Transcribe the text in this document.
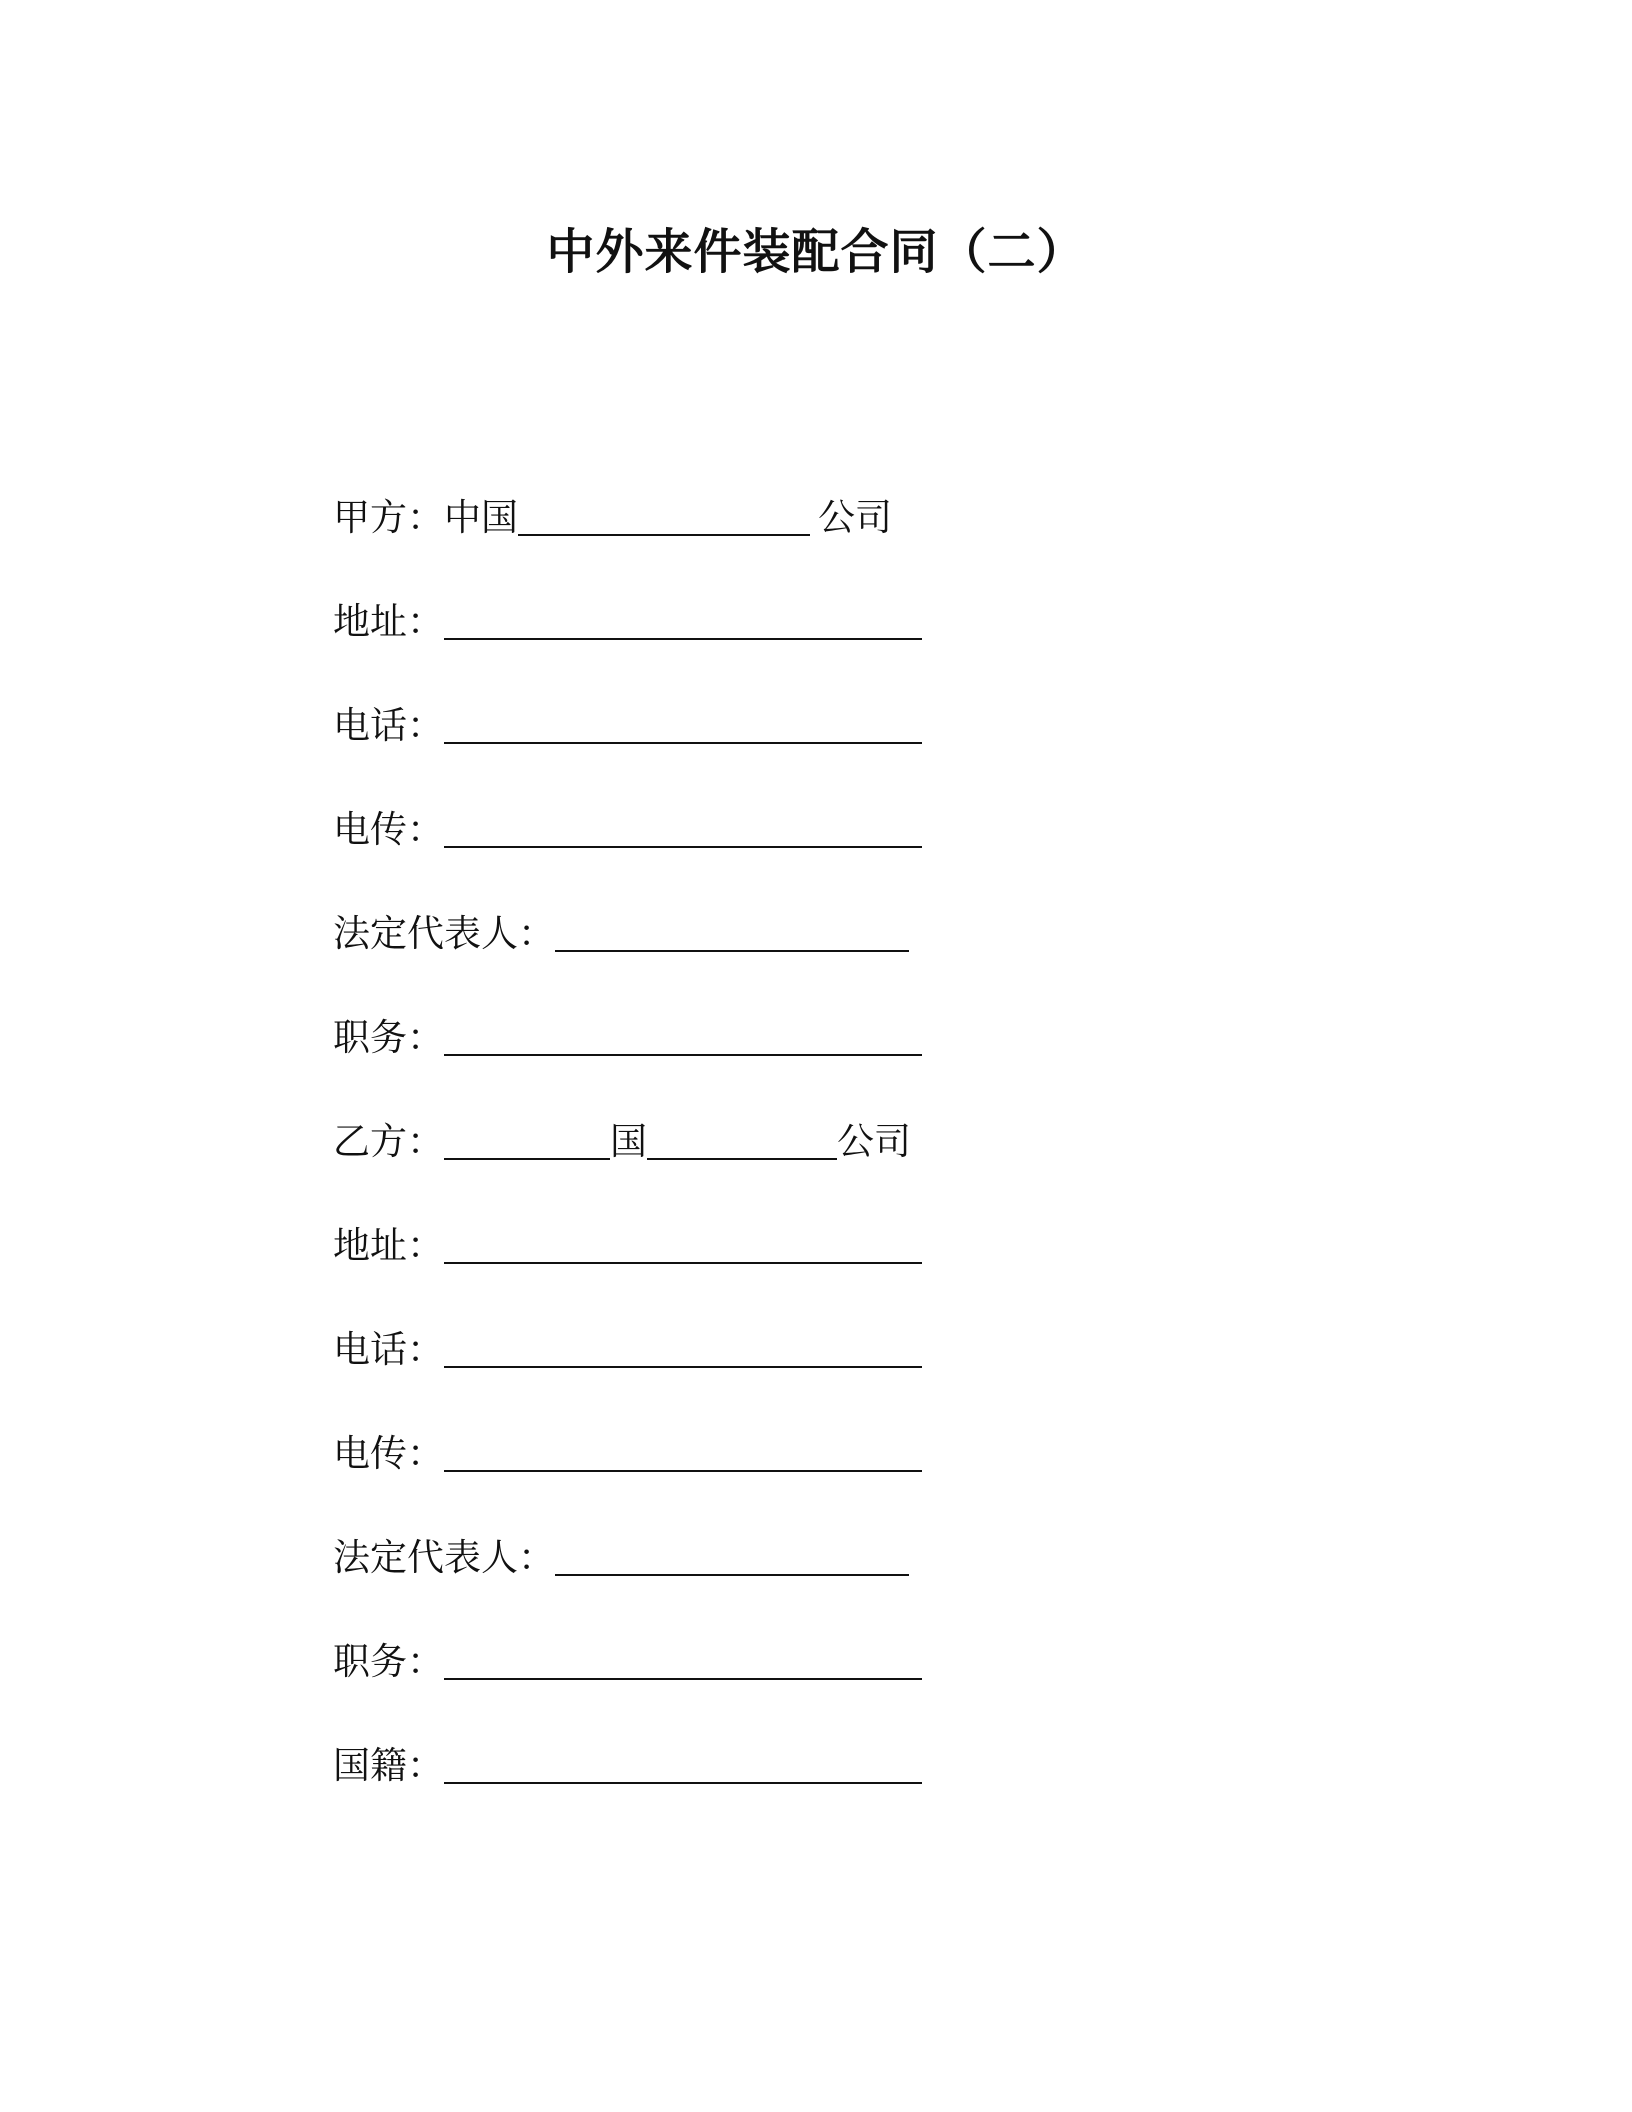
中外来件装配合同（二）
甲方： 中国	公司
地址：
电话：
电传：
法定代表人：
职务：
乙方：	国	公司
地址：
电话：
电传：
法定代表人：
职务：
国籍：
